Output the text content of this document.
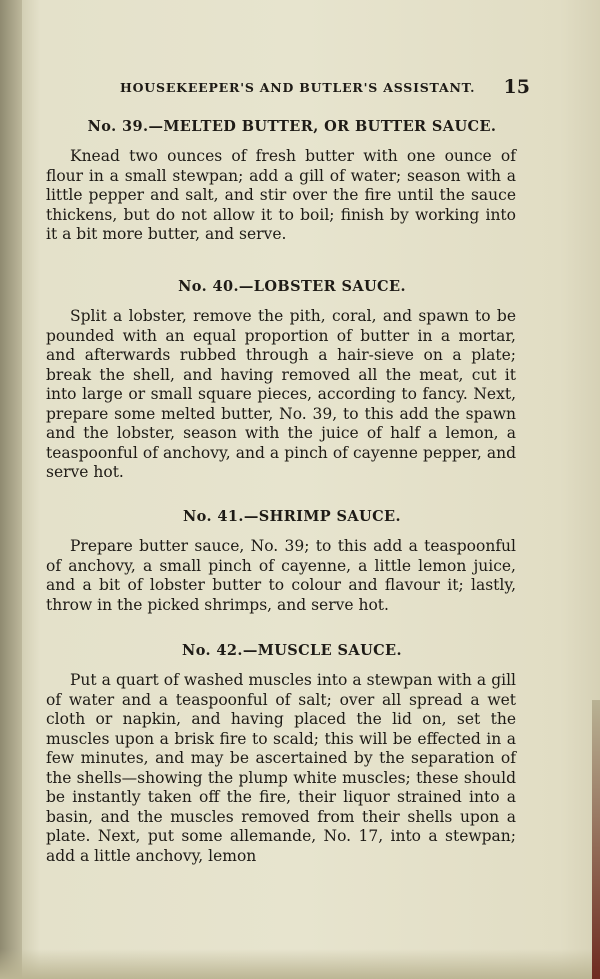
HOUSEKEEPER'S AND BUTLER'S ASSISTANT. 15

No. 39.—MELTED BUTTER, OR BUTTER SAUCE.

Knead two ounces of fresh butter with one ounce of flour in a small stewpan; add a gill of water; season with a little pepper and salt, and stir over the fire until the sauce thickens, but do not allow it to boil; finish by working into it a bit more butter, and serve.

No. 40.—LOBSTER SAUCE.

Split a lobster, remove the pith, coral, and spawn to be pounded with an equal proportion of butter in a mortar, and afterwards rubbed through a hair-sieve on a plate; break the shell, and having removed all the meat, cut it into large or small square pieces, according to fancy. Next, prepare some melted butter, No. 39, to this add the spawn and the lobster, season with the juice of half a lemon, a teaspoonful of anchovy, and a pinch of cayenne pepper, and serve hot.

No. 41.—SHRIMP SAUCE.

Prepare butter sauce, No. 39; to this add a teaspoonful of anchovy, a small pinch of cayenne, a little lemon juice, and a bit of lobster butter to colour and flavour it; lastly, throw in the picked shrimps, and serve hot.

No. 42.—MUSCLE SAUCE.

Put a quart of washed muscles into a stewpan with a gill of water and a teaspoonful of salt; over all spread a wet cloth or napkin, and having placed the lid on, set the muscles upon a brisk fire to scald; this will be effected in a few minutes, and may be ascertained by the separation of the shells—showing the plump white muscles; these should be instantly taken off the fire, their liquor strained into a basin, and the muscles removed from their shells upon a plate. Next, put some allemande, No. 17, into a stewpan; add a little anchovy, lemon
